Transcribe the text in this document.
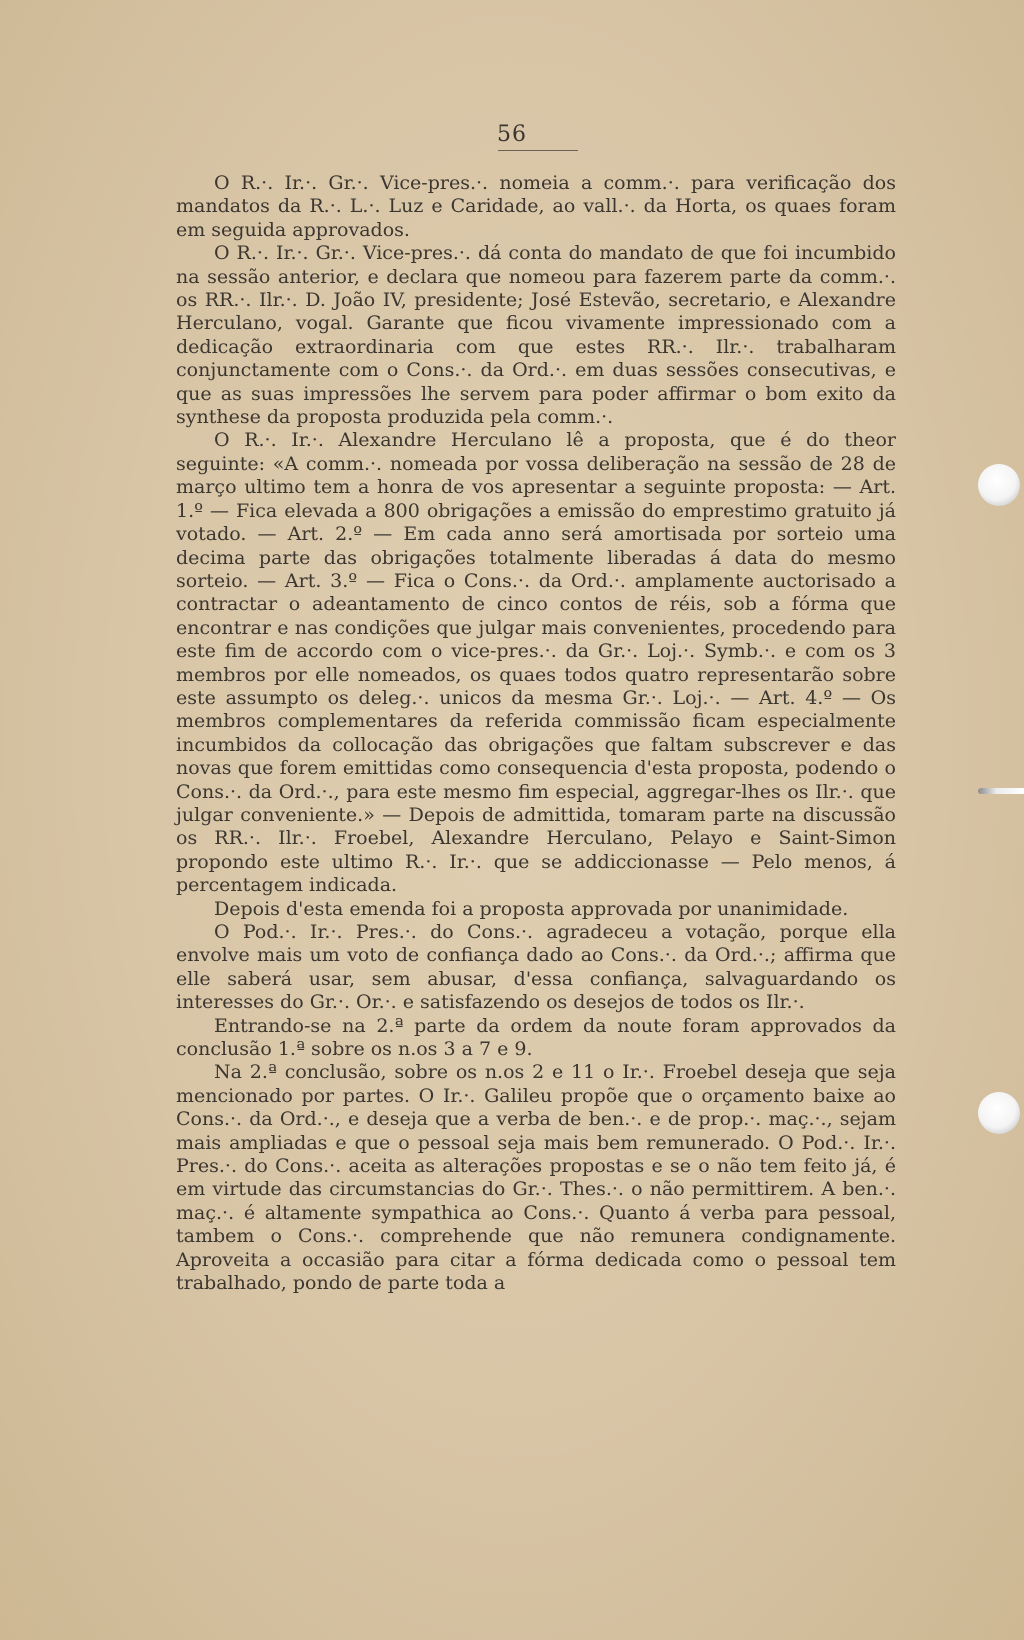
56

O R.·. Ir.·. Gr.·. Vice-pres.·. nomeia a comm.·. para verificação dos mandatos da R.·. L.·. Luz e Caridade, ao vall.·. da Horta, os quaes foram em seguida approvados.

O R.·. Ir.·. Gr.·. Vice-pres.·. dá conta do mandato de que foi incumbido na sessão anterior, e declara que nomeou para fazerem parte da comm.·. os RR.·. Ilr.·. D. João IV, presidente; José Estevão, secretario, e Alexandre Herculano, vogal. Garante que ficou vivamente impressionado com a dedicação extraordinaria com que estes RR.·. Ilr.·. trabalharam conjunctamente com o Cons.·. da Ord.·. em duas sessões consecutivas, e que as suas impressões lhe servem para poder affirmar o bom exito da synthese da proposta produzida pela comm.·.

O R.·. Ir.·. Alexandre Herculano lê a proposta, que é do theor seguinte: «A comm.·. nomeada por vossa deliberação na sessão de 28 de março ultimo tem a honra de vos apresentar a seguinte proposta: — Art. 1.º — Fica elevada a 800 obrigações a emissão do emprestimo gratuito já votado. — Art. 2.º — Em cada anno será amortisada por sorteio uma decima parte das obrigações totalmente liberadas á data do mesmo sorteio. — Art. 3.º — Fica o Cons.·. da Ord.·. amplamente auctorisado a contractar o adeantamento de cinco contos de réis, sob a fórma que encontrar e nas condições que julgar mais convenientes, procedendo para este fim de accordo com o vice-pres.·. da Gr.·. Loj.·. Symb.·. e com os 3 membros por elle nomeados, os quaes todos quatro representarão sobre este assumpto os deleg.·. unicos da mesma Gr.·. Loj.·. — Art. 4.º — Os membros complementares da referida commissão ficam especialmente incumbidos da collocação das obrigações que faltam subscrever e das novas que forem emittidas como consequencia d'esta proposta, podendo o Cons.·. da Ord.·., para este mesmo fim especial, aggregar-lhes os Ilr.·. que julgar conveniente.» — Depois de admittida, tomaram parte na discussão os RR.·. Ilr.·. Froebel, Alexandre Herculano, Pelayo e Saint-Simon propondo este ultimo R.·. Ir.·. que se addiccionasse — Pelo menos, á percentagem indicada.

Depois d'esta emenda foi a proposta approvada por unanimidade.

O Pod.·. Ir.·. Pres.·. do Cons.·. agradeceu a votação, porque ella envolve mais um voto de confiança dado ao Cons.·. da Ord.·.; affirma que elle saberá usar, sem abusar, d'essa confiança, salvaguardando os interesses do Gr.·. Or.·. e satisfazendo os desejos de todos os Ilr.·.

Entrando-se na 2.ª parte da ordem da noute foram approvados da conclusão 1.ª sobre os n.os 3 a 7 e 9.

Na 2.ª conclusão, sobre os n.os 2 e 11 o Ir.·. Froebel deseja que seja mencionado por partes. O Ir.·. Galileu propõe que o orçamento baixe ao Cons.·. da Ord.·., e deseja que a verba de ben.·. e de prop.·. maç.·., sejam mais ampliadas e que o pessoal seja mais bem remunerado. O Pod.·. Ir.·. Pres.·. do Cons.·. aceita as alterações propostas e se o não tem feito já, é em virtude das circumstancias do Gr.·. Thes.·. o não permittirem. A ben.·. maç.·. é altamente sympathica ao Cons.·. Quanto á verba para pessoal, tambem o Cons.·. comprehende que não remunera condignamente. Aproveita a occasião para citar a fórma dedicada como o pessoal tem trabalhado, pondo de parte toda a
